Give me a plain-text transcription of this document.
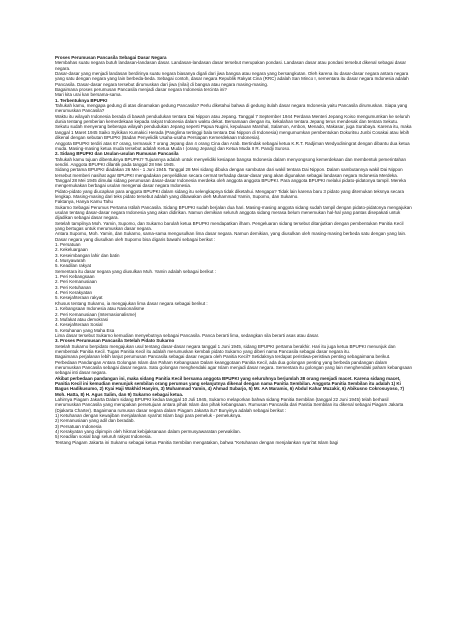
Proses Perumusan Pancasila Sebagai Dasar Negara

Membahas suatu negara butuh landasan-landasan dasar. Landasan-landasan dasar tersebut merupakan pondasi. Landasan dasar atau pondasi tersebut dikenal sebagai dasar negara.

Dasar-dasar yang menjadi landasan berdirinya suatu negara biasanya digali dari jiwa bangsa atau negara yang bersangkutan. Oleh karena itu dasar-dasar negara antara negara yang satu dengan negara yang lain berbeda-beda. Sebagai contoh, dasar negara Republik Rakyat Cina (RRC) adalah San Minco I, sementara itu dasar negara Indonesia adalah Pancasila. Dasar-dasar negara tersebut dirumuskan dari jiwa (nilai) di bangsa atau negara masing-masing.

Bagaimana proses perumusan Pancasila menjadi dasar negara Indonesia tercinta ini?

Mari kita urai kan bersama-sama.

1. Terbentuknya BPUPKI

Tahukah kamu, mengapa gedung di atas dinamakan gedung Pancasila? Perlu diketahui bahwa di gedung itulah dasar negara Indonesia yaitu Pancasila dirumuskan. Siapa yang merumuskan Pancasila?

Waktu itu wilayah Indonesia berada di bawah pendudukan tentara Dai Nippon atau Jepang. Tanggal 7 September 1944 Perdana Menteri Jepang Koiso mengumumkan ke seluruh dunia tentang pemberian kemerdekaan kepada rakyat Indonesia dalam waktu dekat. Bersamaan dengan itu, kekalahan tentara Jepang terus mendesak dan tentara Sekutu. Sekutu sudah menyerang beberapa wilayah pendudukan Jepang seperti Papua Nugini, kepulauan Marshal, Salamon, Ambon, Menado, Makasar, juga Surabaya. Karena itu, maka tanggal 1 Maret 1945 Saiko Syikikan Kumakici Herada (Panglima tertinggi bala tentara Dai Nippon di Indonesia) mengumumkan pembentukan Dokuritsu Junbi Cosakai atau lebih dikenal dengan sebutan BPUPKI (Badan Penyelidik Usaha-usaha Persiapan Kemerdekaan Indonesia).

Anggota BPUPKI terdiri atas 67 orang, termasuk 7 orang Jepang dan 4 orang Cina dan Arab. Bertindak sebagai ketua K.R.T. Radjiman Wedyodiningrat dengan dibantu dua ketua muda. Masing-masing ketua muda tersebut adalah Ketua Muda I (orang Jepang) dan Ketua Muda II R. Pandji Suroso.

2. Sidang BPUPKI dan Usulan-usulan Rumusan Pancasila

Tahukah kamu tujuan dibentuknya BPUPKI? Tujuannya adalah untuk menyelidiki kesiapan bangsa Indonesia dalam menyongsong kemerdekaan dan membentuk pemerintahan sendiri. Anggota BPUPKI dilantik pada tanggal 28 Mei 1945.

Sidang pertama BPUPKI diadakan 26 Mei - 1 Juni 1945. Tanggal 28 Mei sidang dibuka dengan sambutan dari wakil tentara Dai Nippon. Dalam sambutannya wakil Dai Nippon tersebut memberi nasihat agar BPUPKI mengadakan penyelidikan secara cermat terhadap dasar-dasar yang akan digunakan sebagai landasan negara Indonesia Merdeka.

Tanggal 28 Mei 1945 dimulai sidang perumusan dasar-dasar Indonesia merdeka oleh anggota anggota BPUPKI. Para anggota BPUPKI melalui pidato-pidatonya tampil. Mereka mengemukakan berbagai usulan mengenai dasar negara Indonesia.

Pidato-pidato yang diucapkan para anggota BPUPKI dalam sidang itu selengkapnya tidak diketahui. Mengapa? Tidak lain karena baru 3 pidato yang ditemukan teksnya secara lengkap. Masing-masing dari teks pidato tersebut adalah yang dibawakan oleh Muhammad Yamin, Supomo, dan Sukarno.

Faktanya, Hanya Kamu Tahu

Sukarno Sebagai Perumus Pertama Istilah Pancasila. Sidang BPUPKI sudah berjalan dua hari. Masing-masing anggota sidang sudah tampil dengan pidato-pidatonya mengajukan usulan tentang dasar-dasar negara Indonesia yang akan didirikan. Namun demikian seluruh anggota sidang merasa belum menemukan hal-hal yang pantas disepakati untuk dijadikan sebagai dasar negara.

Setelah tampilnya Moh. Yamin, Supomo, dan Sukarno barulah ketua BPUPKI mendapatkan ilham. Pengeluaran sidang tersebut ditanjutkan dengan pembentukan Panitia Kecil yang bertugas untuk merumuskan dasar negara.

Antara Supomo, Moh. Yamin, dan Sukarno, sama-sama mengusulkan lima dasar negara. Namun demikian, yang diusulkan oleh masing-masing berbeda satu dengan yang lain. Dasar negara yang diusulkan oleh Supomo bisa digaris bawahi sebagai berikut :

1. Persatuan

2. Kekeluargaan

3. Keseimbangan lahir dan batin

4. Musyawarah

5. Keadilan rakyat

Sementara itu dasar negara yang diusulkan Muh. Yamin adalah sebagai berikut :

1. Peri Kebangsaan

2. Peri Kemanusiaan

3. Peri Ketuhanan

4. Peri Kerakyatan

5. Kesejahteraan rakyat

Khusus tentang Sukarno, ia mengajukan lima dasar negara sebagai berikut :

1. Kebangsaan Indonesia atau Nasionalisme

2. Peri Kemanusiaan (Internasionalisme)

3. Mufakat atau demokrasi

4. Kesejahteraan Sosial

5. Ketuhanan yang Maha Esa

Lima dasar tersebut Sukarno kemudian menyebutnya sebagai Pancasila. Panca berarti lima, sedangkan sila berarti asas atau dasar.

3. Proses Perumusan Pancasila Setelah Pidato Sukarno

Setelah Sukarno berpidato mengajukan usul tentang dasar-dasar negara tanggal 1 Juni 1945, sidang BPUPKI pertama berakhir. Hari itu juga ketua BPUPKI menunjuk dan membentuk Panitia Kecil. Tugas Panitia Kecil itu adalah merumuskan kembali pidato Sukarno yang diberi nama Pancasila sebagai dasar negara itu.

Bagaimana perjalanan lebih lanjut perumusan Pancasila sebagai dasar negara oleh Panitia Kecil? Setidaknya terdapat peristiwa-peristiwa penting sebagaimana berikut.

Perbedaan Pandangan Antara Golongan Islam dan Paham Kebangsaan Dalam keanggotaan Panitia Kecil, ada dua golongan penting yang berbeda pandangan dalam merumuskan Pancasila sebagai dasar negara. Satu golongan menghendaki agar Islam menjadi dasar negara. Sementara itu golongan yang lain menghendaki paham kebangsaan sebagai inti dasar negara.

Akibat perbedaan pandangan ini, maka sidang Panitia Kecil bersama anggota BPUPKI yang seluruhnya berjumlah 38 orang menjadi macet. Karena sidang macet, Panitia Kecil ini kemudian menunjuk sembilan orang perumus yang selanjutnya dikenal dengan nama Panitia Sembilan. Anggota Panitia Sembilan itu adalah 1) Ki Bagus Hadikusumo, 2) Kyai Haji Wakhid Hasyim, 3) Muhammad Yamin, 4) Ahmad Subarjo, 5) Mr. AA Maramis, 6) Abdul Kahar Muzakir, 6) Abikusno Cokrosuyoso, 7) Moh. Hatta, 8) H. Agus Salim, dan 9) Sukarno sebagai ketua.

Lahirnya Piagam Jakarta Dalam sidang BPUPKI kedua tanggal 10 Juli 1945, Sukarno melaporkan bahwa sidang Panitia Sembilan (tanggal 22 Juni 1945) telah berhasil merumuskan Pancasila yang merupakan persetujuan antara pihak Islam dan pihak kebangsaan. Rumusan Pancasila dari Panitia Sembilan itu dikenal sebagai Piagam Jakarta (Djakarta Charter). Bagaimana rumusan dasar negara dalam Piagam Jakarta itu? Bunyinya adalah sebagai berikut :

1) Ketuhanan dengan kewajiban menjalankan syari'at Islam bagi para pemeluk - pemeluknya.

2) Kemanusiaan yang adil dan beradab.

3) Persatuan Indonesia

4) Kerakyatan yang dipimpin oleh hikmat kebijaksanaan dalam permusyawaratan perwakilan.

5) Keadilan sosial bagi seluruh rakyat Indonesia.

Tentang Piagam Jakarta ini Sukarno sebagai ketua Panitia Sembilan mengatakan, bahwa "Ketuhanan dengan menjalankan syari'at Islam bagi
